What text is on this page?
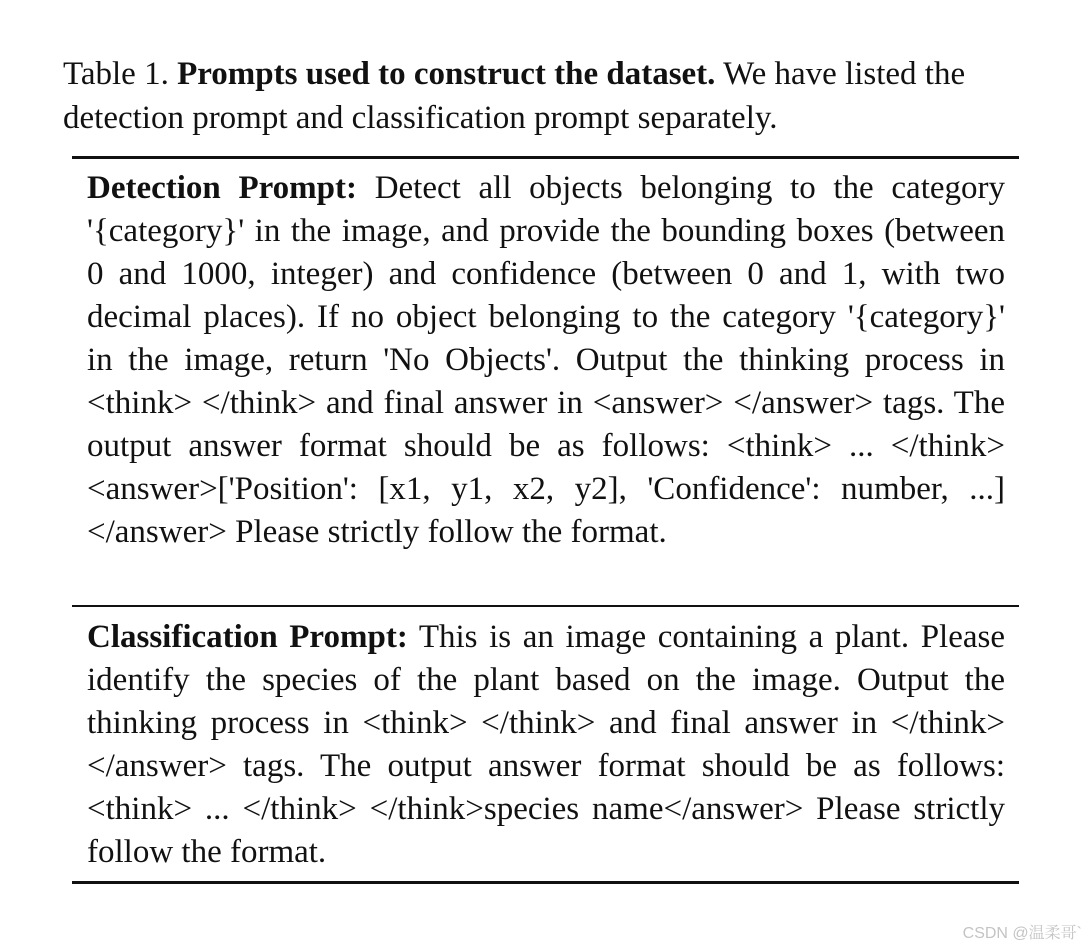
Table 1. Prompts used to construct the dataset. We have listed the detection prompt and classification prompt separately.
Detection Prompt: Detect all objects belonging to the category '{category}' in the image, and provide the bounding boxes (between 0 and 1000, integer) and confidence (between 0 and 1, with two decimal places). If no object belonging to the category '{category}' in the image, return 'No Objects'. Output the thinking process in <think> </think> and final answer in <answer> </answer> tags. The output answer format should be as follows: <think> ... </think><answer>['Position': [x1, y1, x2, y2], 'Confidence': number, ...]</answer> Please strictly follow the format.
Classification Prompt: This is an image containing a plant. Please identify the species of the plant based on the image. Output the thinking process in <think> </think> and final answer in </think> </answer> tags. The output answer format should be as follows: <think> ... </think> </think>species name</answer> Please strictly follow the format.
CSDN @温柔哥`
